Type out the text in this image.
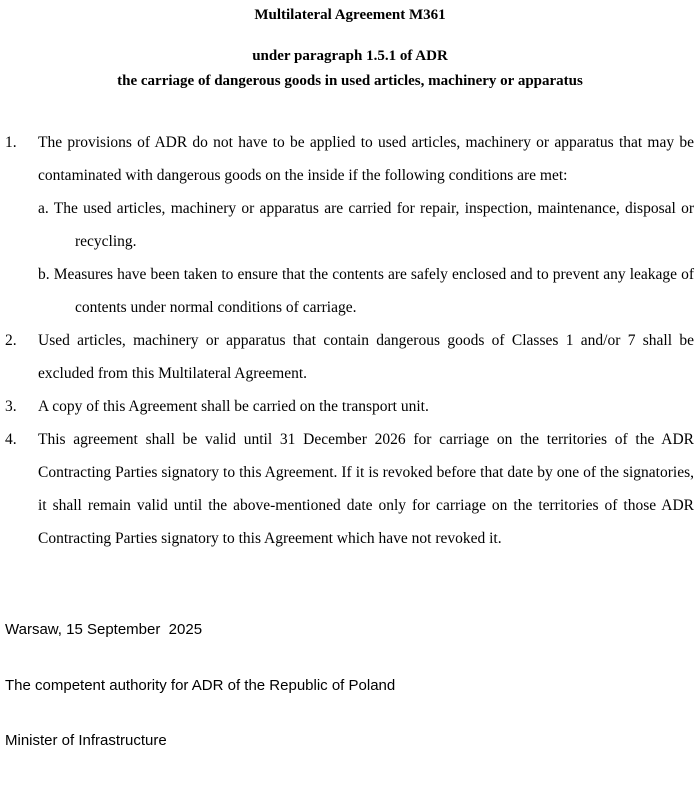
Multilateral Agreement M361
under paragraph 1.5.1 of ADR
the carriage of dangerous goods in used articles, machinery or apparatus
1. The provisions of ADR do not have to be applied to used articles, machinery or apparatus that may be contaminated with dangerous goods on the inside if the following conditions are met:
a. The used articles, machinery or apparatus are carried for repair, inspection, maintenance, disposal or recycling.
b. Measures have been taken to ensure that the contents are safely enclosed and to prevent any leakage of contents under normal conditions of carriage.
2. Used articles, machinery or apparatus that contain dangerous goods of Classes 1 and/or 7 shall be excluded from this Multilateral Agreement.
3. A copy of this Agreement shall be carried on the transport unit.
4. This agreement shall be valid until 31 December 2026 for carriage on the territories of the ADR Contracting Parties signatory to this Agreement. If it is revoked before that date by one of the signatories, it shall remain valid until the above-mentioned date only for carriage on the territories of those ADR Contracting Parties signatory to this Agreement which have not revoked it.

Warsaw, 15 September  2025

The competent authority for ADR of the Republic of Poland

Minister of Infrastructure
